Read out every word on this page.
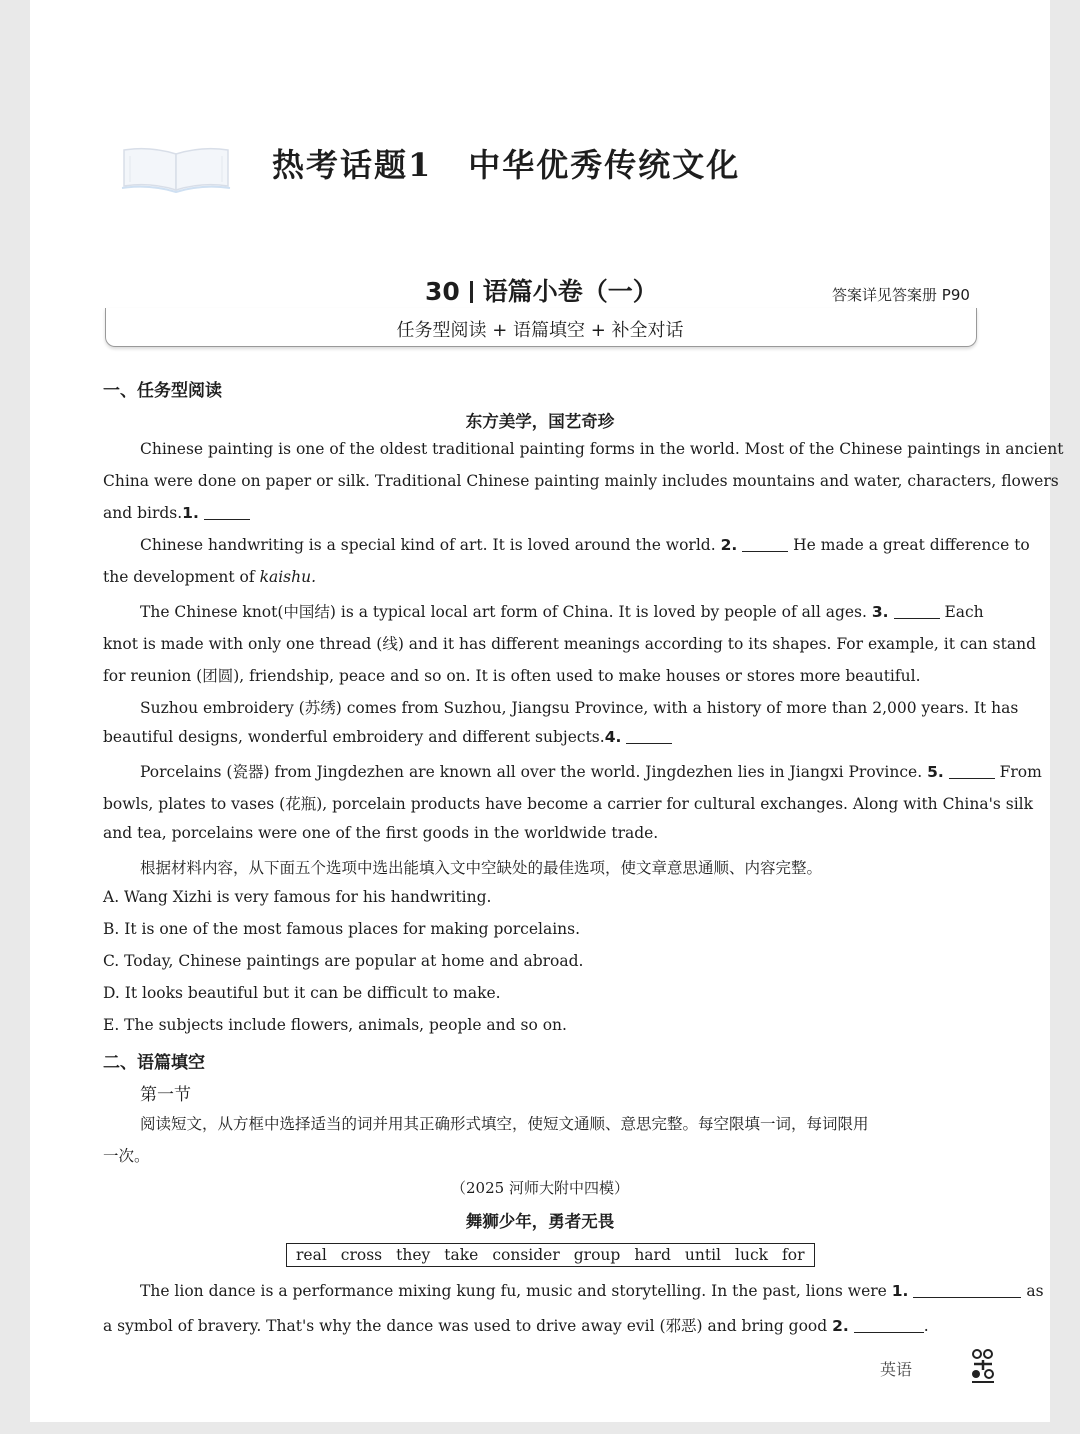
热考话题1 中华优秀传统文化
30 语篇小卷（一）	答案详见答案册 P90
任务型阅读 + 语篇填空 + 补全对话
一、任务型阅读
东方美学，国艺奇珍
Chinese painting is one of the oldest traditional painting forms in the world. Most of the Chinese paintings in ancient
China were done on paper or silk. Traditional Chinese painting mainly includes mountains and water, characters, flowers
and birds.1.
Chinese handwriting is a special kind of art. It is loved around the world. 2.	He made a great difference to
the development of kaishu.
The Chinese knot(中国结) is a typical local art form of China. It is loved by people of all ages. 3.	Each
knot is made with only one thread (线) and it has different meanings according to its shapes. For example, it can stand
for reunion (团圆), friendship, peace and so on. It is often used to make houses or stores more beautiful.
Suzhou embroidery (苏绣) comes from Suzhou, Jiangsu Province, with a history of more than 2,000 years. It has
beautiful designs, wonderful embroidery and different subjects.4.
Porcelains (瓷器) from Jingdezhen are known all over the world. Jingdezhen lies in Jiangxi Province. 5.	From
bowls, plates to vases (花瓶), porcelain products have become a carrier for cultural exchanges. Along with China's silk
and tea, porcelains were one of the first goods in the worldwide trade.
根据材料内容，从下面五个选项中选出能填入文中空缺处的最佳选项，使文章意思通顺、内容完整。
A. Wang Xizhi is very famous for his handwriting.
B. It is one of the most famous places for making porcelains.
C. Today, Chinese paintings are popular at home and abroad.
D. It looks beautiful but it can be difficult to make.
E. The subjects include flowers, animals, people and so on.
二、语篇填空
第一节
阅读短文，从方框中选择适当的词并用其正确形式填空，使短文通顺、意思完整。每空限填一词，每词限用
一次。
（2025 河师大附中四模）
舞狮少年，勇者无畏
real cross they take consider group hard until luck for
The lion dance is a performance mixing kung fu, music and storytelling. In the past, lions were 1.	as
a symbol of bravery. That's why the dance was used to drive away evil (邪恶) and bring good 2.	.
英语
